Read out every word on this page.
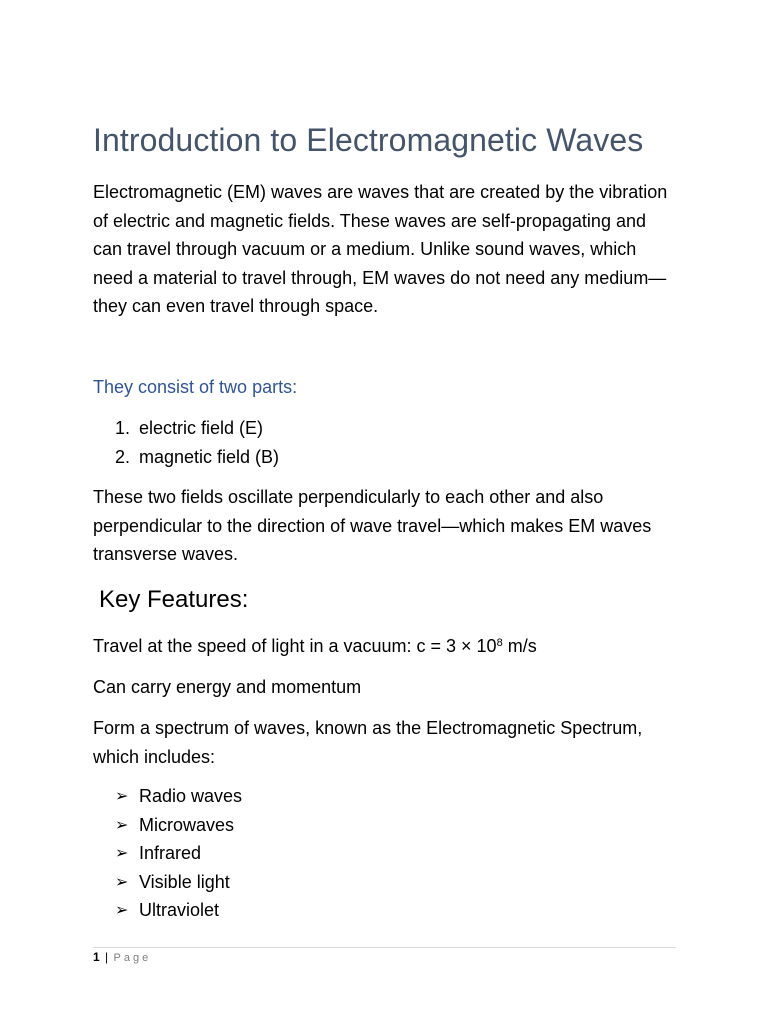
Introduction to Electromagnetic Waves

Electromagnetic (EM) waves are waves that are created by the vibration of electric and magnetic fields. These waves are self-propagating and can travel through vacuum or a medium. Unlike sound waves, which need a material to travel through, EM waves do not need any medium—they can even travel through space.

They consist of two parts:

1. electric field (E)
2. magnetic field (B)

These two fields oscillate perpendicularly to each other and also perpendicular to the direction of wave travel—which makes EM waves transverse waves.

Key Features:

Travel at the speed of light in a vacuum: $c = 3 \times 10^8$ m/s

Can carry energy and momentum

Form a spectrum of waves, known as the Electromagnetic Spectrum, which includes:

➢ Radio waves
➢ Microwaves
➢ Infrared
➢ Visible light
➢ Ultraviolet
1 | Page
